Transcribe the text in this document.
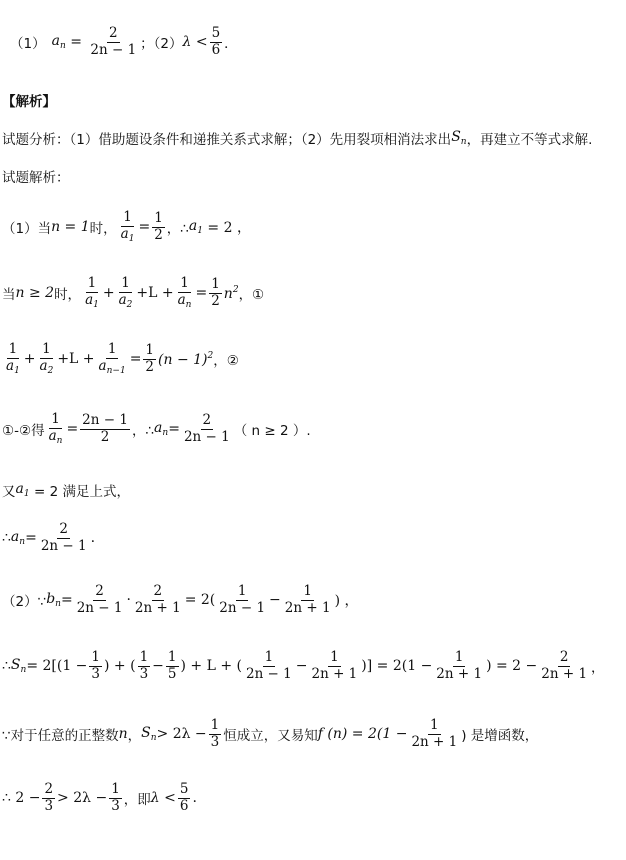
（1） $a_n = \frac{2}{2n - 1}$ ；（2） $\lambda < \frac{5}{6}$ ．
【解析】
试题分析：（1）借助题设条件和递推关系式求解；（2）先用裂项相消法求出 $S_n$ ，再建立不等式求解.
试题解析：
（1）当 n = 1 时， $\frac{1}{a_1} = \frac{1}{2}$ ，∴ $a_1$
= 2 ，
当 n ≥ 2 时， $\frac{1}{a_1} + \frac{1}{a_2} +L + \frac{1}{a_n} = \frac{1}{2} n^2$ ，①
$\frac{1}{a_1} + \frac{1}{a_2} +L + \frac{1}{a_{n-1}} = \frac{1}{2} (n - 1)^2$ ，②
①-②得 $\frac{1}{a_n} = \frac{2n - 1}{2}$ ，∴ $a_n = \frac{2}{2n - 1}$ （ n ≥ 2 ）.
又 $a_1$
= 2 满足上式，
∴ $a_n = \frac{2}{2n - 1}$ .
（2）∵ $b_n = \frac{2}{2n - 1} \cdot \frac{2}{2n + 1} = 2( \frac{1}{2n - 1} - \frac{1}{2n + 1}$ ) ，
∴ $S_n = 2[(1 - \frac{1}{3}$ ) + ( $\frac{1}{3} - \frac{1}{5}$ ) + L + ( $\frac{1}{2n - 1} - \frac{1}{2n + 1}$ )] = $2(1 - \frac{1}{2n + 1}$ ) = $2 - \frac{2}{2n + 1}$ ，
∵对于任意的正整数 n ， $S_n > 2\lambda - \frac{1}{3}$ 恒成立，又易知 f $(n) = 2(1 - \frac{1}{2n + 1}$ ) 是增函数，
∴ $2 - \frac{2}{3} > 2\lambda - \frac{1}{3}$ ，即 $\lambda < \frac{5}{6}$ .
